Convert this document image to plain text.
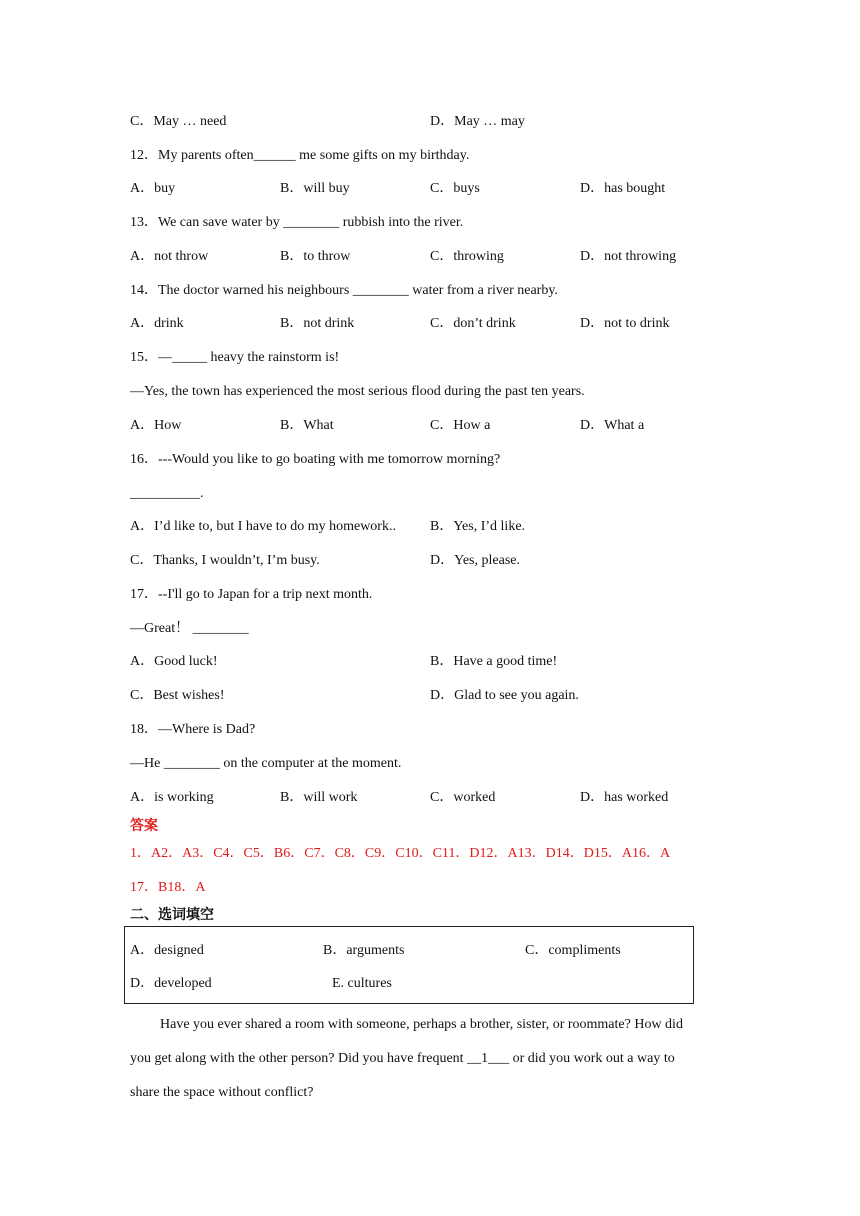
C．May … need	D．May … may
12．My parents often______ me some gifts on my birthday.
A．buy	B．will buy	C．buys	D．has bought
13．We can save water by ________ rubbish into the river.
A．not throw	B．to throw	C．throwing	D．not throwing
14．The doctor warned his neighbours ________ water from a river nearby.
A．drink	B．not drink	C．don’t drink	D．not to drink
15．—_____ heavy the rainstorm is!
—Yes, the town has experienced the most serious flood during the past ten years.
A．How	B．What	C．How a	D．What a
16．---Would you like to go boating with me tomorrow morning?
__________.
A．I’d like to, but I have to do my homework.. B．Yes, I’d like.
C．Thanks, I wouldn’t, I’m busy.	D．Yes, please.
17．--I'll go to Japan for a trip next month.
—Great！ ________
A．Good luck!	B．Have a good time!
C．Best wishes!	D．Glad to see you again.
18．—Where is Dad?
—He ________ on the computer at the moment.
A．is working	B．will work	C．worked	D．has worked
答案
1．A2．A3．C4．C5．B6．C7．C8．C9．C10．C11．D12．A13．D14．D15．A16．A
17．B18．A
二、选词填空
A．designed	B．arguments	C．compliments
D．developed	E. cultures
Have you ever shared a room with someone, perhaps a brother, sister, or roommate? How did
you get along with the other person? Did you have frequent __1___ or did you work out a way to
share the space without conflict?
